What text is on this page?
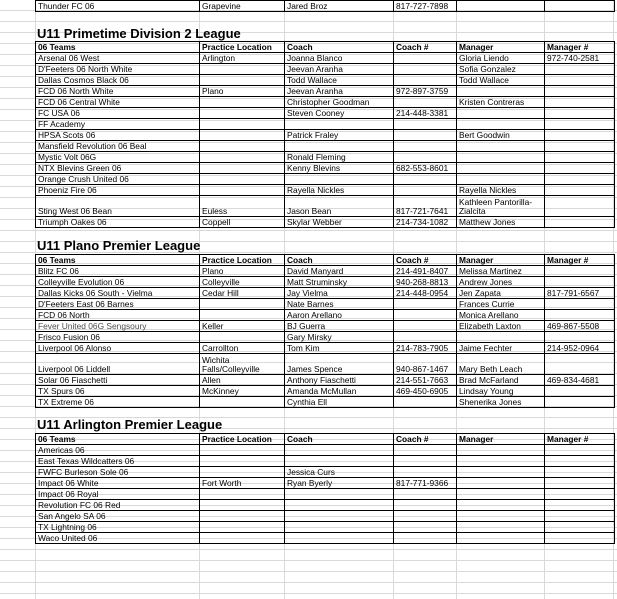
Thunder FC 06	Grapevine	Jared Broz	817-727-7898		
U11 Primetime Division 2 League
06 Teams	Practice Location	Coach	Coach #	Manager	Manager #
Arsenal 06 West	Arlington	Joanna Blanco		Gloria Liendo	972-740-2581
D'Feeters 06 North White		Jeevan Aranha		Sofia Gonzalez	
Dallas Cosmos Black 06		Todd Wallace		Todd Wallace	
FCD 06 North White	Plano	Jeevan Aranha	972-897-3759		
FCD 06 Central White		Christopher Goodman		Kristen Contreras	
FC USA 06		Steven Cooney	214-448-3381		
FF Academy					
HPSA Scots 06		Patrick Fraley		Bert Goodwin	
Mansfield Revolution 06 Beal					
Mystic Volt 06G		Ronald Fleming			
NTX Blevins Green 06		Kenny Blevins	682-553-8601		
Orange Crush United 06					
Phoeniz Fire 06		Rayella Nickles		Rayella Nickles	
Sting West 06 Bean	Euless	Jason Bean	817-721-7641	Kathleen Pantorilla-Zialcita	
Triumph Oakes 06	Coppell	Skylar Webber	214-734-1082	Matthew Jones	
U11 Plano Premier League
06 Teams	Practice Location	Coach	Coach #	Manager	Manager #
Blitz FC 06	Plano	David Manyard	214-491-8407	Melissa Martinez	
Colleyville Evolution 06	Colleyville	Matt Struminsky	940-268-8813	Andrew Jones	
Dallas Kicks 06 South - Vielma	Cedar Hill	Jay Vielma	214-448-0954	Jen Zapata	817-791-6567
D'Feeters East 06 Barnes		Nate Barnes		Frances Currie	
FCD 06 North		Aaron Arellano		Monica Arellano	
Fever United 06G Sengsoury	Keller	BJ Guerra		Elizabeth Laxton	469-867-5508
Frisco Fusion 06		Gary Mirsky			
Liverpool 06 Alonso	Carrollton	Tom Kim	214-783-7905	Jaime Fechter	214-952-0964
Liverpool 06 Liddell	Wichita Falls/Colleyville	James Spence	940-867-1467	Mary Beth Leach	
Solar 06 Fiaschetti	Allen	Anthony Fiaschetti	214-551-7663	Brad McFarland	469-834-4681
TX Spurs 06	McKinney	Amanda McMullan	469-450-6905	Lindsay Young	
TX Extreme 06		Cynthia Ell		Shenerika Jones	
U11 Arlington Premier League
06 Teams	Practice Location	Coach	Coach #	Manager	Manager #
Americas 06					
East Texas Wildcatters 06					
FWFC Burleson Sole 06		Jessica Curs			
Impact 06 White	Fort Worth	Ryan Byerly	817-771-9366		
Impact 06 Royal					
Revolution FC 06 Red					
San Angelo SA 06					
TX Lightning 06					
Waco United 06					
